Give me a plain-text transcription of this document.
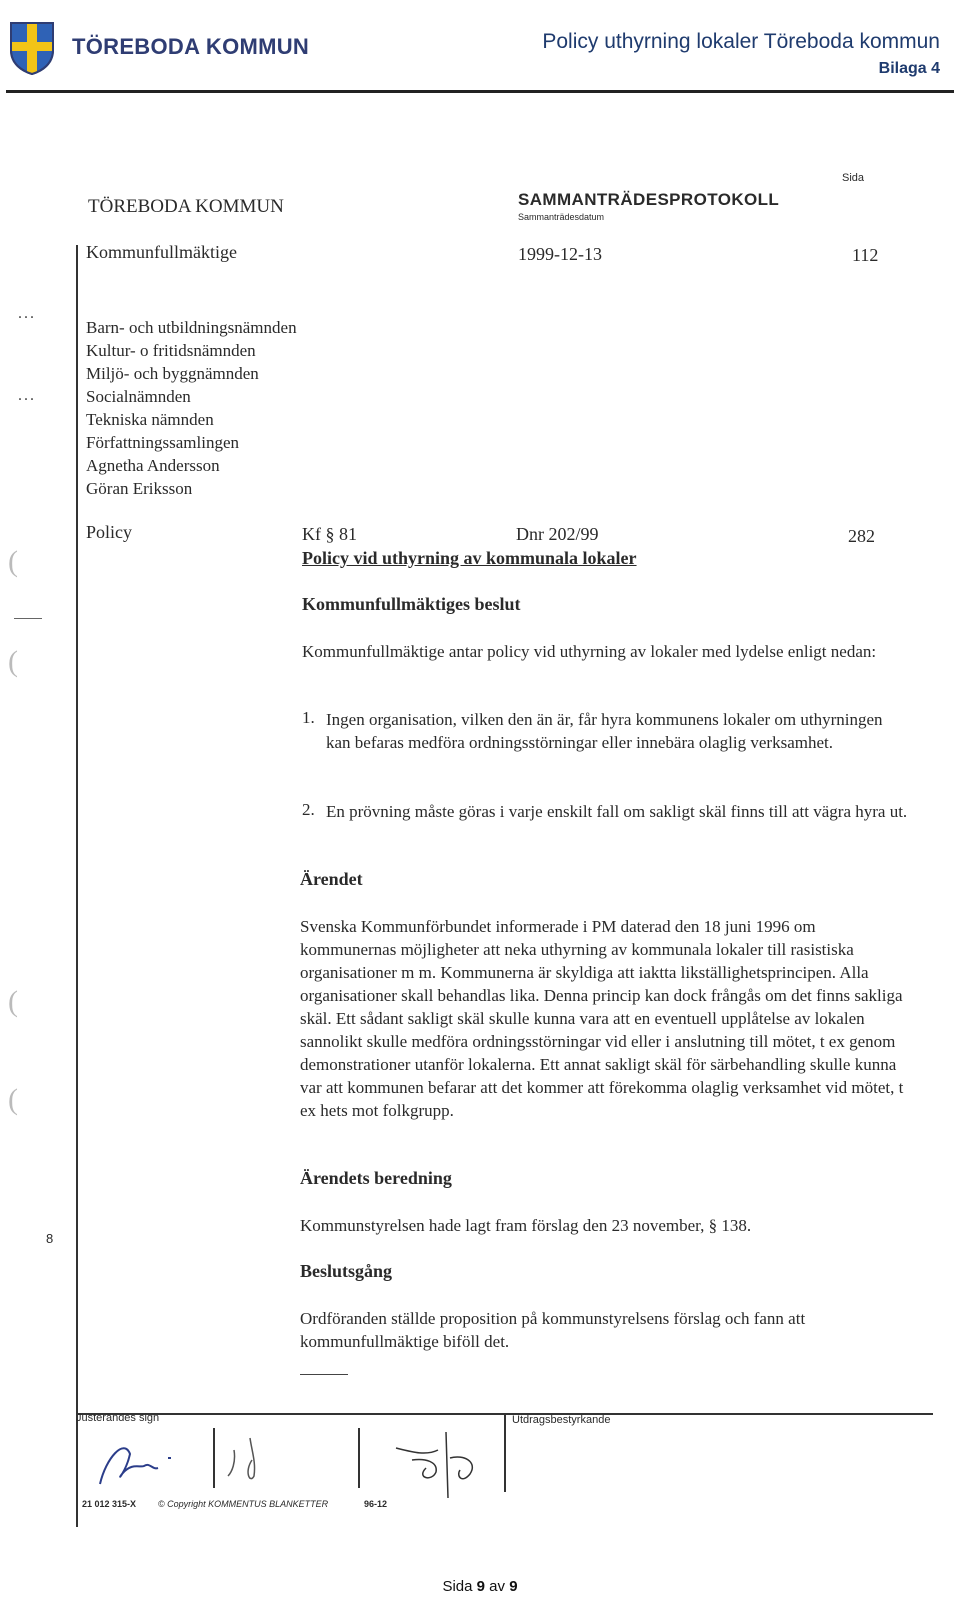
TÖREBODA KOMMUN	Policy uthyrning lokaler Töreboda kommun
Bilaga 4
Sida
TÖREBODA KOMMUN	SAMMANTRÄDESPROTOKOLL
Sammanträdesdatum
Kommunfullmäktige	1999-12-13	112
...
...
Barn- och utbildningsnämnden
Kultur- o fritidsnämnden
Miljö- och byggnämnden
Socialnämnden
Tekniska nämnden
Författningssamlingen
Agnetha Andersson
Göran Eriksson
(
(
(
(
Policy	Kf § 81	Dnr 202/99	282
Policy vid uthyrning av kommunala lokaler
Kommunfullmäktiges beslut
Kommunfullmäktige antar policy vid uthyrning av lokaler med lydelse enligt nedan:
1. Ingen organisation, vilken den än är, får hyra kommunens lokaler om uthyrningen kan befaras medföra ordningsstörningar eller innebära olaglig verksamhet.
2. En prövning måste göras i varje enskilt fall om sakligt skäl finns till att vägra hyra ut.
Ärendet
Svenska Kommunförbundet informerade i PM daterad den 18 juni 1996 om kommunernas möjligheter att neka uthyrning av kommunala lokaler till rasistiska organisationer m m. Kommunerna är skyldiga att iaktta likställighetsprincipen. Alla organisationer skall behandlas lika. Denna princip kan dock frångås om det finns sakliga skäl. Ett sådant sakligt skäl skulle kunna vara att en eventuell upplåtelse av lokalen sannolikt skulle medföra ordningsstörningar vid eller i anslutning till mötet, t ex genom demonstrationer utanför lokalerna. Ett annat sakligt skäl för särbehandling skulle kunna var att kommunen befarar att det kommer att förekomma olaglig verksamhet vid mötet, t ex hets mot folkgrupp.
Ärendets beredning
8
Kommunstyrelsen hade lagt fram förslag den 23 november, § 138.
Beslutsgång
Ordföranden ställde proposition på kommunstyrelsens förslag och fann att kommunfullmäktige biföll det.
Justerandes sign	Utdragsbestyrkande
21 012 315-X © Copyright KOMMENTUS BLANKETTER	96-12
Sida 9 av 9
